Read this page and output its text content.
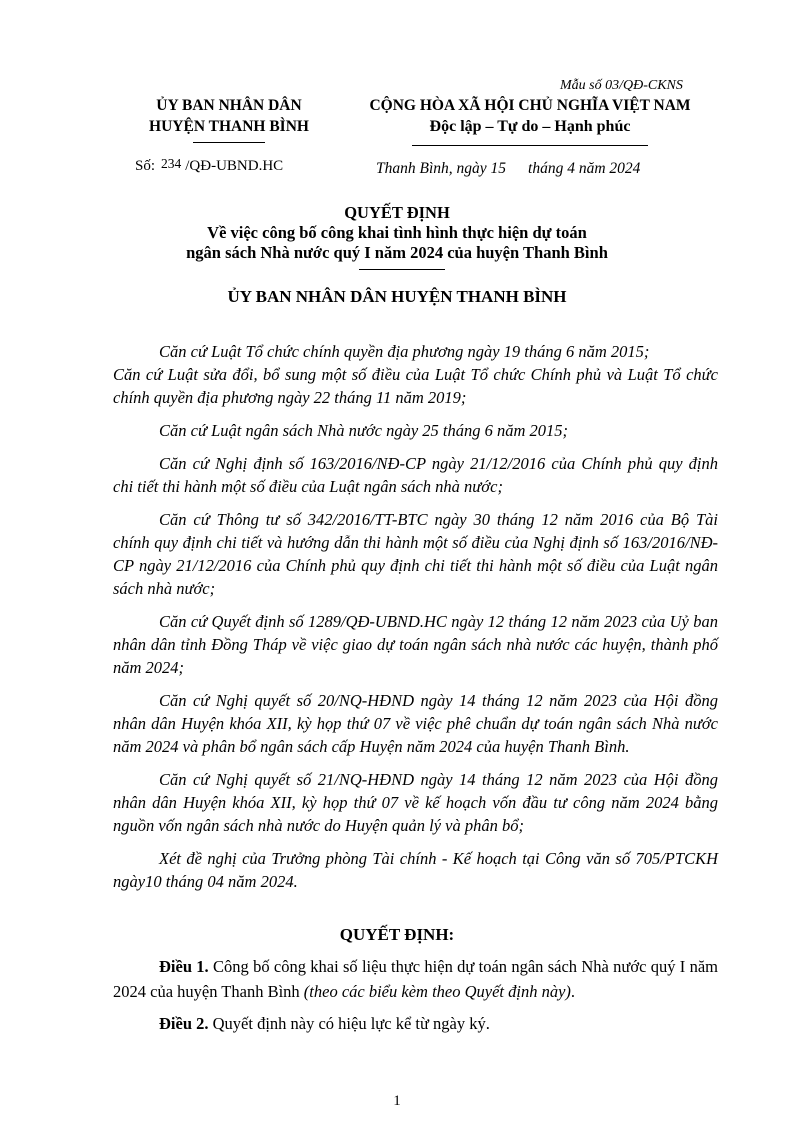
Mẫu số 03/QĐ-CKNS
ỦY BAN NHÂN DÂN
HUYỆN THANH BÌNH
CỘNG HÒA XÃ HỘI CHỦ NGHĨA VIỆT NAM
Độc lập – Tự do – Hạnh phúc
Số: 234 /QĐ-UBND.HC	Thanh Bình, ngày 15 tháng 4 năm 2024
QUYẾT ĐỊNH
Về việc công bố công khai tình hình thực hiện dự toán
ngân sách Nhà nước quý I năm 2024 của huyện Thanh Bình
ỦY BAN NHÂN DÂN HUYỆN THANH BÌNH

Căn cứ Luật Tổ chức chính quyền địa phương ngày 19 tháng 6 năm 2015;

Căn cứ Luật sửa đổi, bổ sung một số điều của Luật Tổ chức Chính phủ và Luật Tổ chức chính quyền địa phương ngày 22 tháng 11 năm 2019;

Căn cứ Luật ngân sách Nhà nước ngày 25 tháng 6 năm 2015;

Căn cứ Nghị định số 163/2016/NĐ-CP ngày 21/12/2016 của Chính phủ quy định chi tiết thi hành một số điều của Luật ngân sách nhà nước;

Căn cứ Thông tư số 342/2016/TT-BTC ngày 30 tháng 12 năm 2016 của Bộ Tài chính quy định chi tiết và hướng dẫn thi hành một số điều của Nghị định số 163/2016/NĐ-CP ngày 21/12/2016 của Chính phủ quy định chi tiết thi hành một số điều của Luật ngân sách nhà nước;

Căn cứ Quyết định số 1289/QĐ-UBND.HC ngày 12 tháng 12 năm 2023 của Uỷ ban nhân dân tỉnh Đồng Tháp về việc giao dự toán ngân sách nhà nước các huyện, thành phố năm 2024;

Căn cứ Nghị quyết số 20/NQ-HĐND ngày 14 tháng 12 năm 2023 của Hội đồng nhân dân Huyện khóa XII, kỳ họp thứ 07 về việc phê chuẩn dự toán ngân sách Nhà nước năm 2024 và phân bổ ngân sách cấp Huyện năm 2024 của huyện Thanh Bình.

Căn cứ Nghị quyết số 21/NQ-HĐND ngày 14 tháng 12 năm 2023 của Hội đồng nhân dân Huyện khóa XII, kỳ họp thứ 07 về kế hoạch vốn đầu tư công năm 2024 bằng nguồn vốn ngân sách nhà nước do Huyện quản lý và phân bổ;

Xét đề nghị của Trưởng phòng Tài chính - Kế hoạch tại Công văn số 705/PTCKH ngày10 tháng 04 năm 2024.

QUYẾT ĐỊNH:
Điều 1. Công bố công khai số liệu thực hiện dự toán ngân sách Nhà nước quý I năm 2024 của huyện Thanh Bình (theo các biểu kèm theo Quyết định này).
Điều 2. Quyết định này có hiệu lực kể từ ngày ký.
1
